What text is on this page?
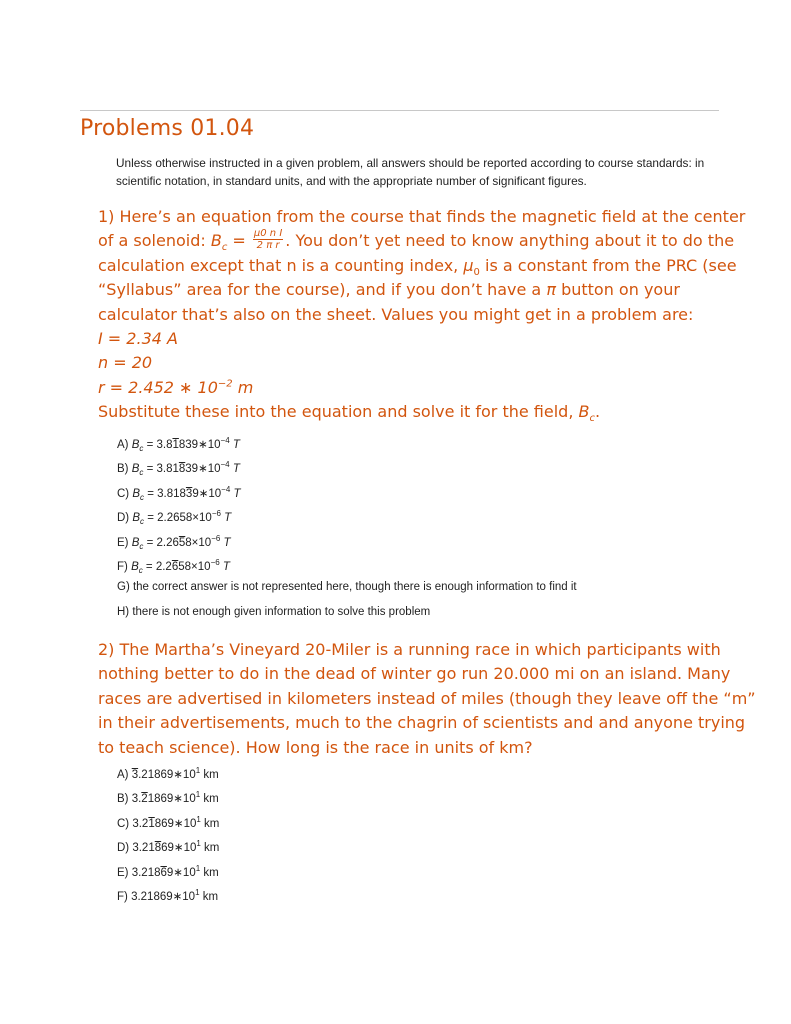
Problems 01.04
Unless otherwise instructed in a given problem, all answers should be reported according to course standards: in scientific notation, in standard units, and with the appropriate number of significant figures.
1) Here’s an equation from the course that finds the magnetic field at the center
of a solenoid: $B_c = \frac{\text{μ0 n I}}{\text{2 π r}}$ . You don’t yet need to know anything about it to do the
calculation except that n is a counting index, $\mu_0$ is a constant from the PRC (see
“Syllabus” area for the course), and if you don’t have a π button on your
calculator that’s also on the sheet. Values you might get in a problem are:
I = 2.34 A
n = 20
r = 2.452 ∗ $10^{-2}$ m
Substitute these into the equation and solve it for the field, $B_c$.
A) $B_c$ = $3.81839∗10^{-4}$ T
B) $B_c$ = $3.81839∗10^{-4}$ T
C) $B_c$ = $3.81839∗10^{-4}$ T
D) $B_c = 2.2658\times 10^{-6}$ T
E) $B_c = 2.2658\times 10^{-6}$ T
F) $B_c = 2.2658\times 10^{-6}$ T
G) the correct answer is not represented here, though there is enough information to find it
H) there is not enough given information to solve this problem
2) The Martha’s Vineyard 20-Miler is a running race in which participants with
nothing better to do in the dead of winter go run 20.000 mi on an island. Many
races are advertised in kilometers instead of miles (though they leave off the “m”
in their advertisements, much to the chagrin of scientists and and anyone trying
to teach science). How long is the race in units of km?
A) $3.21869∗10^1$ km
B) $3.21869∗10^1$ km
C) $3.21869∗10^1$ km
D) $3.21869∗10^1$ km
E) $3.21869∗10^1$ km
F) $3.21869∗10^1$ km
